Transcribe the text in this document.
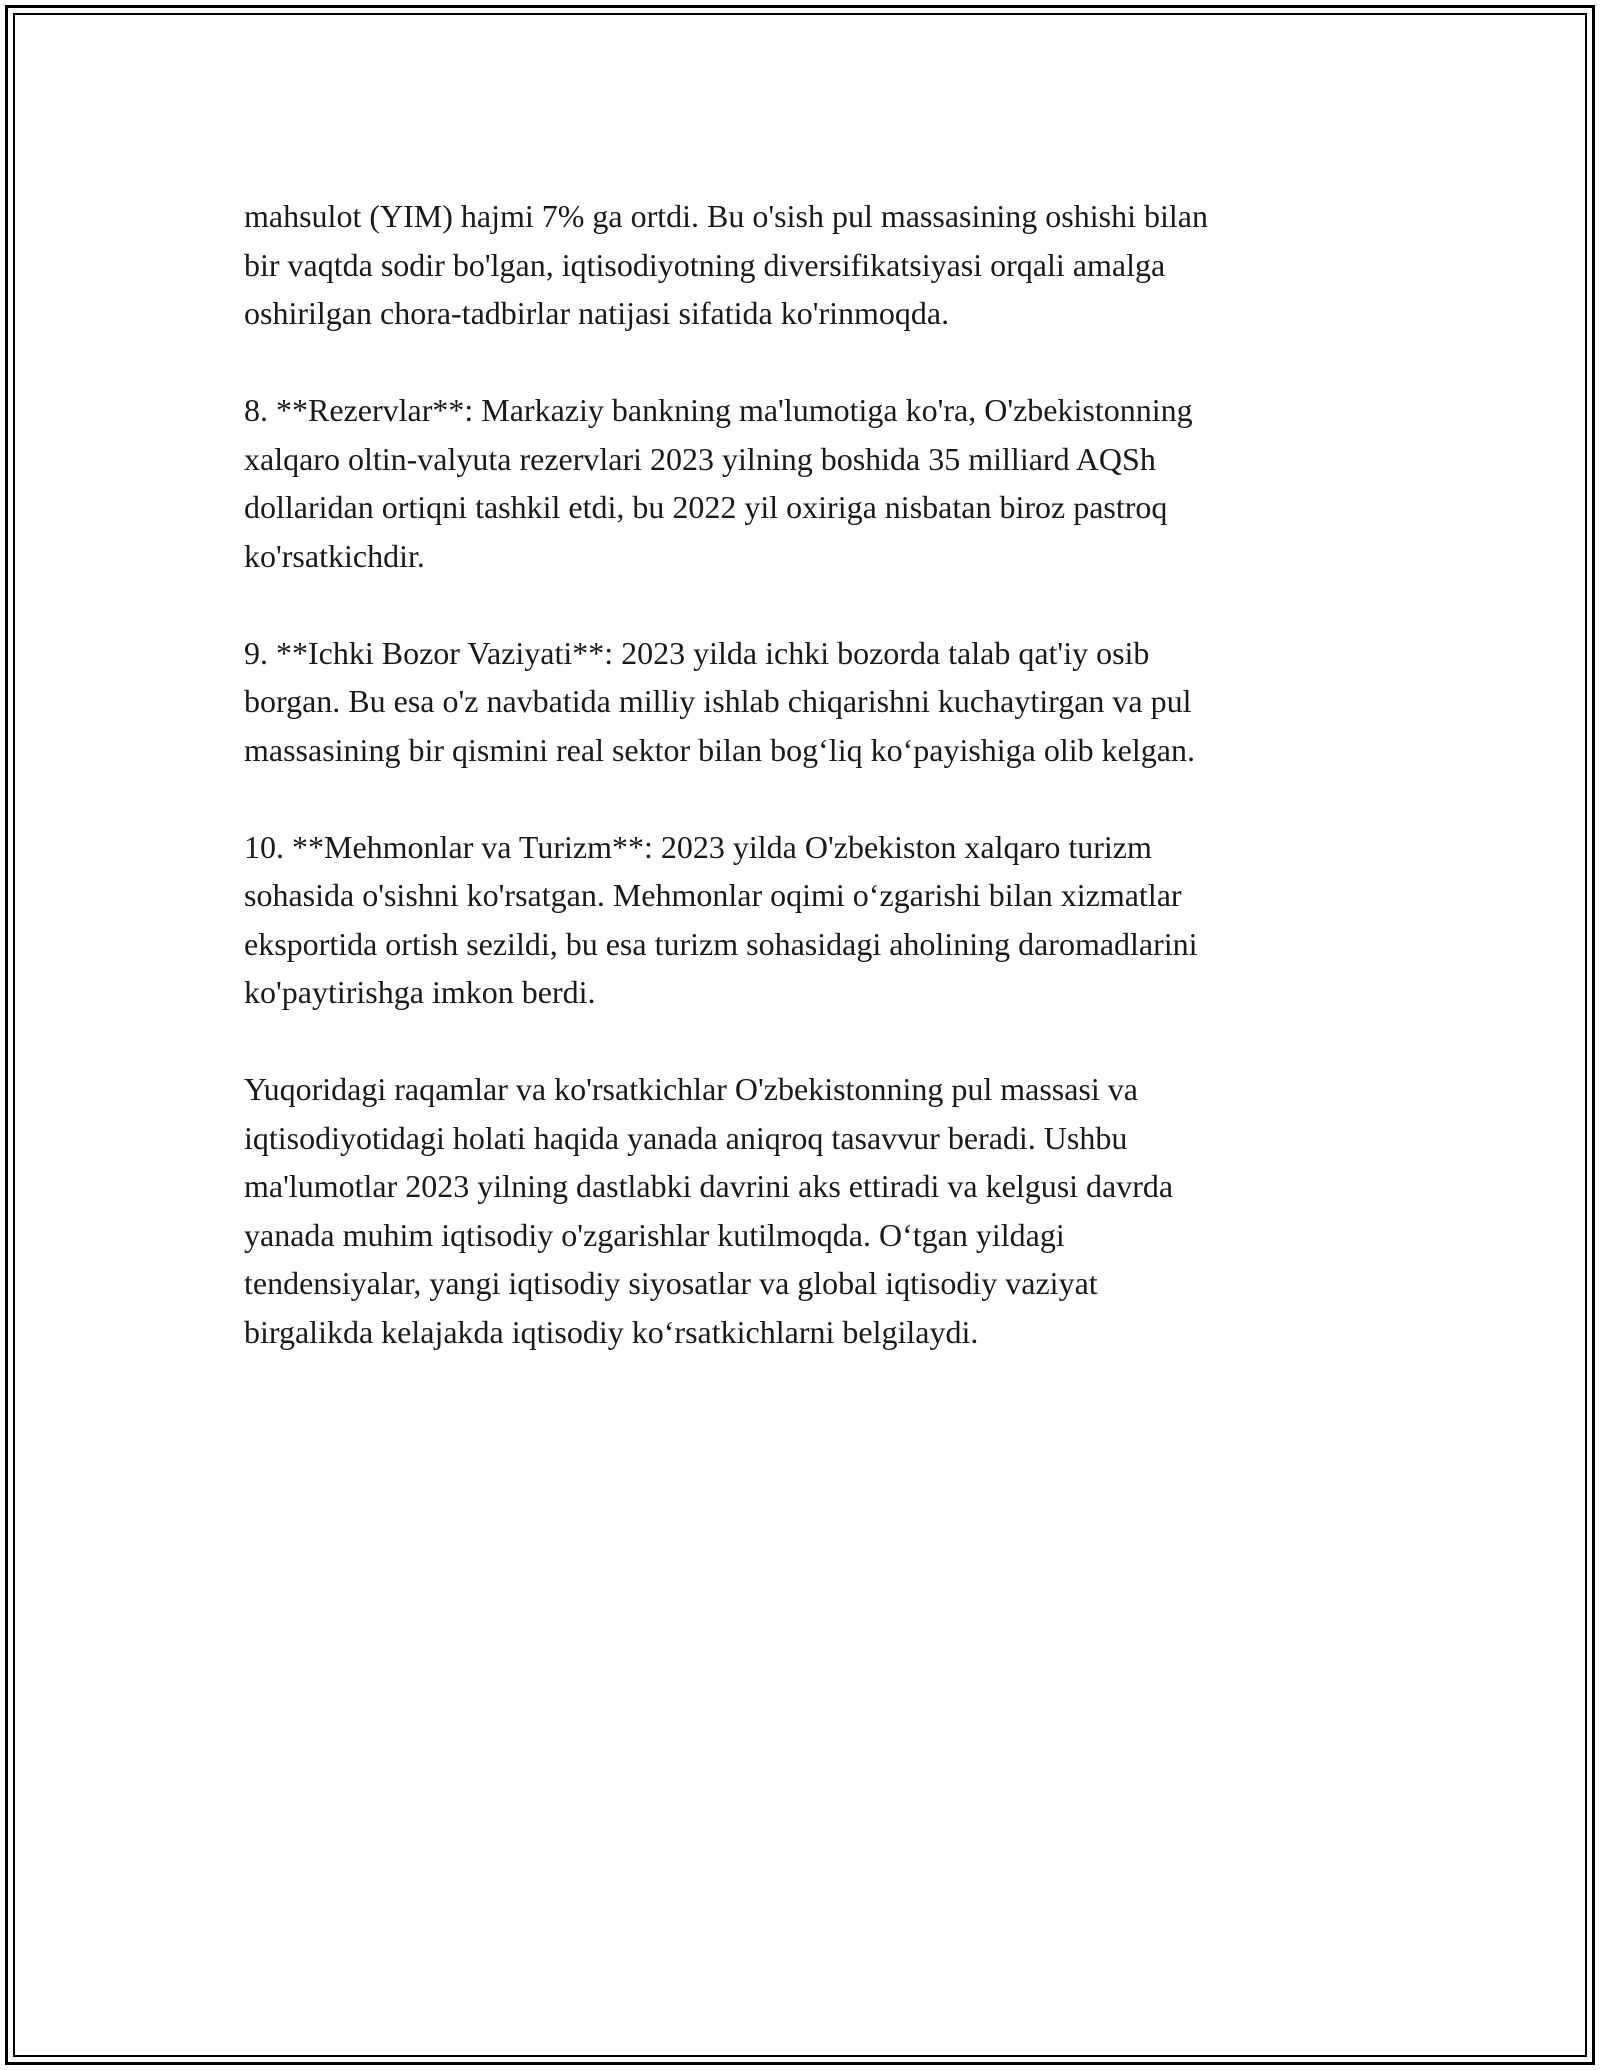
mahsulot (YIM) hajmi 7% ga ortdi. Bu o'sish pul massasining oshishi bilan
bir vaqtda sodir bo'lgan, iqtisodiyotning diversifikatsiyasi orqali amalga
oshirilgan chora-tadbirlar natijasi sifatida ko'rinmoqda.

8. **Rezervlar**: Markaziy bankning ma'lumotiga ko'ra, O'zbekistonning
xalqaro oltin-valyuta rezervlari 2023 yilning boshida 35 milliard AQSh
dollaridan ortiqni tashkil etdi, bu 2022 yil oxiriga nisbatan biroz pastroq
ko'rsatkichdir.

9. **Ichki Bozor Vaziyati**: 2023 yilda ichki bozorda talab qat'iy osib
borgan. Bu esa o'z navbatida milliy ishlab chiqarishni kuchaytirgan va pul
massasining bir qismini real sektor bilan bog‘liq ko‘payishiga olib kelgan.

10. **Mehmonlar va Turizm**: 2023 yilda O'zbekiston xalqaro turizm
sohasida o'sishni ko'rsatgan. Mehmonlar oqimi o‘zgarishi bilan xizmatlar
eksportida ortish sezildi, bu esa turizm sohasidagi aholining daromadlarini
ko'paytirishga imkon berdi.

Yuqoridagi raqamlar va ko'rsatkichlar O'zbekistonning pul massasi va
iqtisodiyotidagi holati haqida yanada aniqroq tasavvur beradi. Ushbu
ma'lumotlar 2023 yilning dastlabki davrini aks ettiradi va kelgusi davrda
yanada muhim iqtisodiy o'zgarishlar kutilmoqda. O‘tgan yildagi
tendensiyalar, yangi iqtisodiy siyosatlar va global iqtisodiy vaziyat
birgalikda kelajakda iqtisodiy ko‘rsatkichlarni belgilaydi.
